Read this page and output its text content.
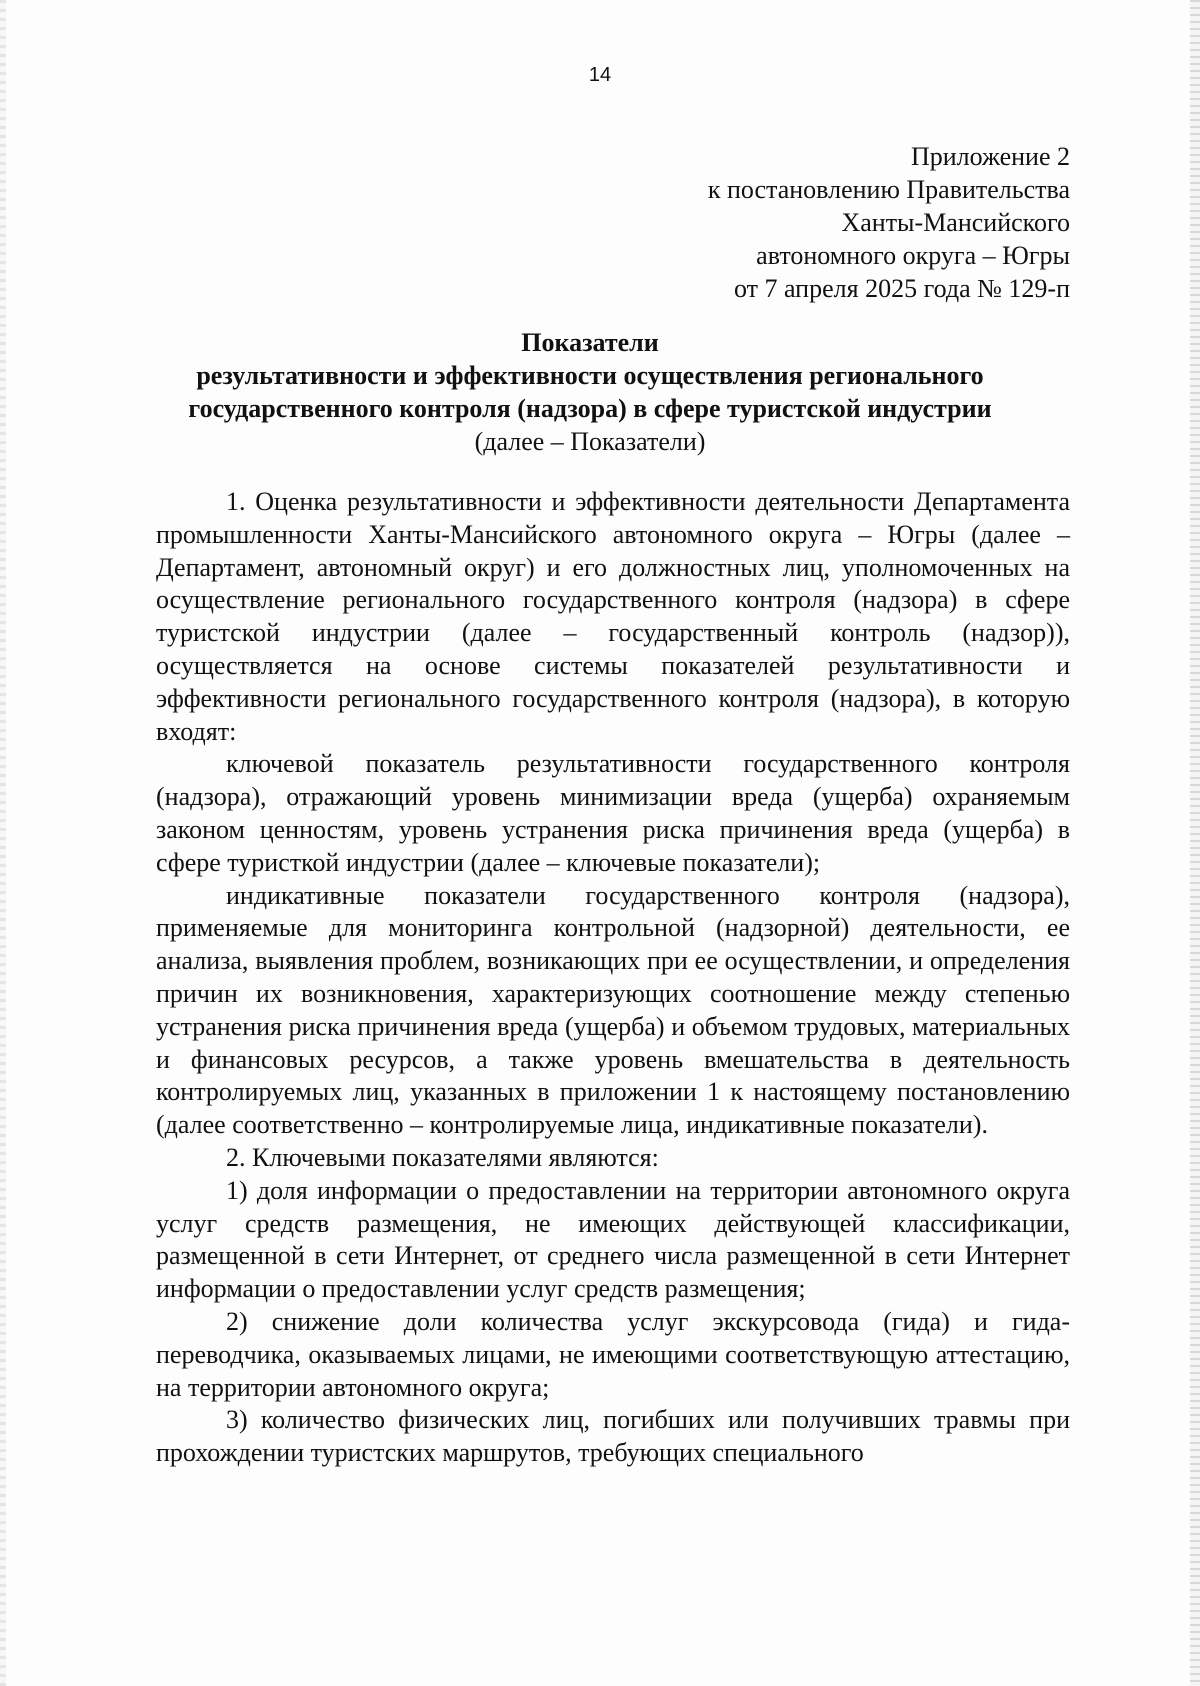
14
Приложение 2
к постановлению Правительства
Ханты-Мансийского
автономного округа – Югры
от 7 апреля 2025 года № 129-п
Показатели
результативности и эффективности осуществления регионального
государственного контроля (надзора) в сфере туристской индустрии
(далее – Показатели)

1. Оценка результативности и эффективности деятельности Департамента промышленности Ханты-Мансийского автономного округа – Югры (далее – Департамент, автономный округ) и его должностных лиц, уполномоченных на осуществление регионального государственного контроля (надзора) в сфере туристской индустрии (далее – государственный контроль (надзор)), осуществляется на основе системы показателей результативности и эффективности регионального государственного контроля (надзора), в которую входят:

ключевой показатель результативности государственного контроля (надзора), отражающий уровень минимизации вреда (ущерба) охраняемым законом ценностям, уровень устранения риска причинения вреда (ущерба) в сфере туристкой индустрии (далее – ключевые показатели);

индикативные показатели государственного контроля (надзора), применяемые для мониторинга контрольной (надзорной) деятельности, ее анализа, выявления проблем, возникающих при ее осуществлении, и определения причин их возникновения, характеризующих соотношение между степенью устранения риска причинения вреда (ущерба) и объемом трудовых, материальных и финансовых ресурсов, а также уровень вмешательства в деятельность контролируемых лиц, указанных в приложении 1 к настоящему постановлению (далее соответственно – контролируемые лица, индикативные показатели).

2. Ключевыми показателями являются:

1) доля информации о предоставлении на территории автономного округа услуг средств размещения, не имеющих действующей классификации, размещенной в сети Интернет, от среднего числа размещенной в сети Интернет информации о предоставлении услуг средств размещения;

2) снижение доли количества услуг экскурсовода (гида) и гида-переводчика, оказываемых лицами, не имеющими соответствующую аттестацию, на территории автономного округа;

3) количество физических лиц, погибших или получивших травмы при прохождении туристских маршрутов, требующих специального
